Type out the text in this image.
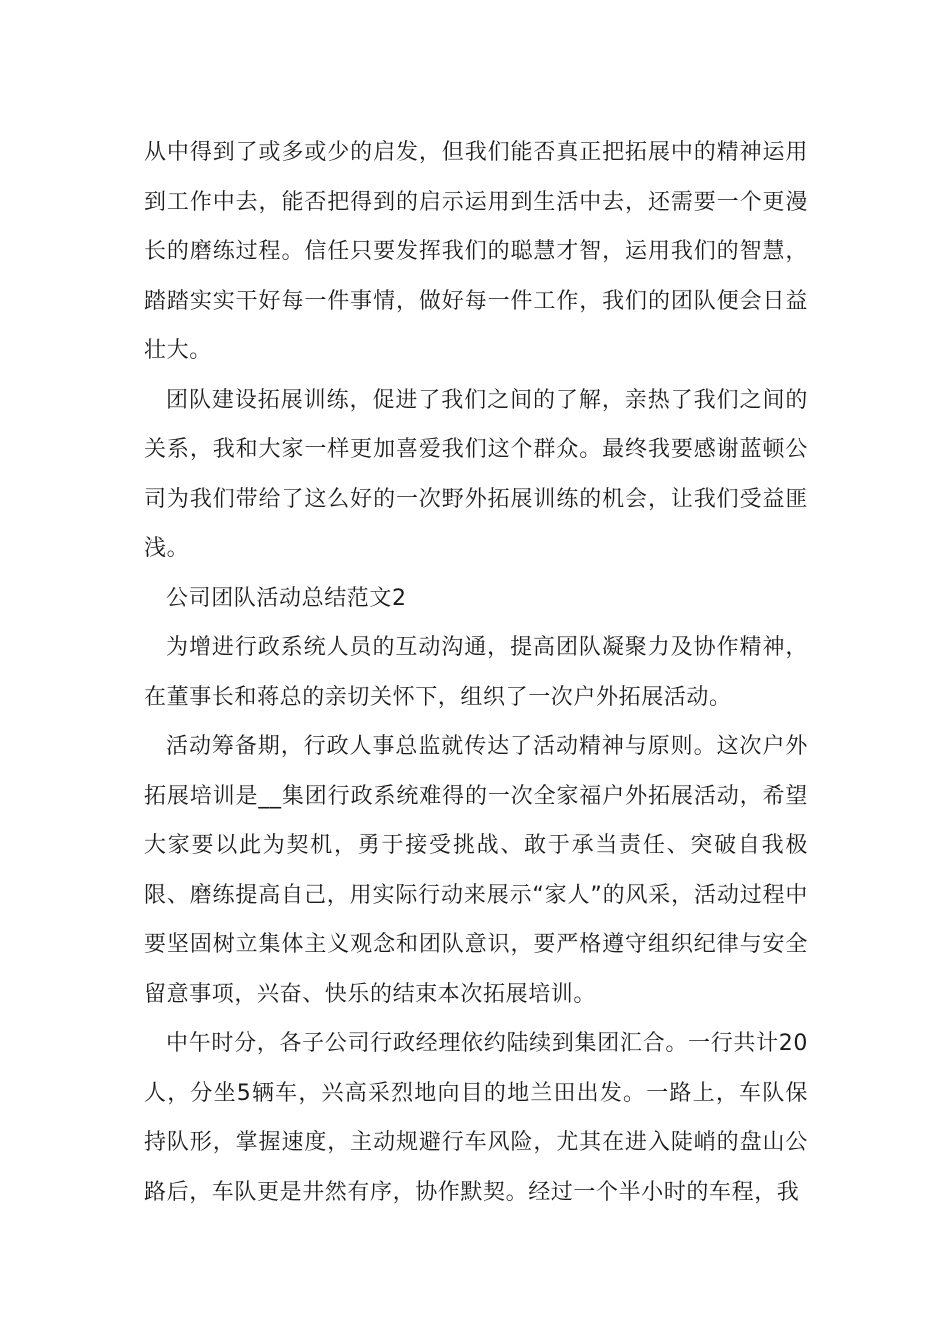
从中得到了或多或少的启发，但我们能否真正把拓展中的精神运用到工作中去，能否把得到的启示运用到生活中去，还需要一个更漫长的磨练过程。信任只要发挥我们的聪慧才智，运用我们的智慧，踏踏实实干好每一件事情，做好每一件工作，我们的团队便会日益壮大。

团队建设拓展训练，促进了我们之间的了解，亲热了我们之间的关系，我和大家一样更加喜爱我们这个群众。最终我要感谢蓝顿公司为我们带给了这么好的一次野外拓展训练的机会，让我们受益匪浅。

公司团队活动总结范文2

为增进行政系统人员的互动沟通，提高团队凝聚力及协作精神，在董事长和蒋总的亲切关怀下，组织了一次户外拓展活动。

活动筹备期，行政人事总监就传达了活动精神与原则。这次户外拓展培训是__集团行政系统难得的一次全家福户外拓展活动，希望大家要以此为契机，勇于接受挑战、敢于承当责任、突破自我极限、磨练提高自己，用实际行动来展示“家人”的风采，活动过程中要坚固树立集体主义观念和团队意识，要严格遵守组织纪律与安全留意事项，兴奋、快乐的结束本次拓展培训。

中午时分，各子公司行政经理依约陆续到集团汇合。一行共计20人，分坐5辆车，兴高采烈地向目的地兰田出发。一路上，车队保持队形，掌握速度，主动规避行车风险，尤其在进入陡峭的盘山公路后，车队更是井然有序，协作默契。经过一个半小时的车程，我
